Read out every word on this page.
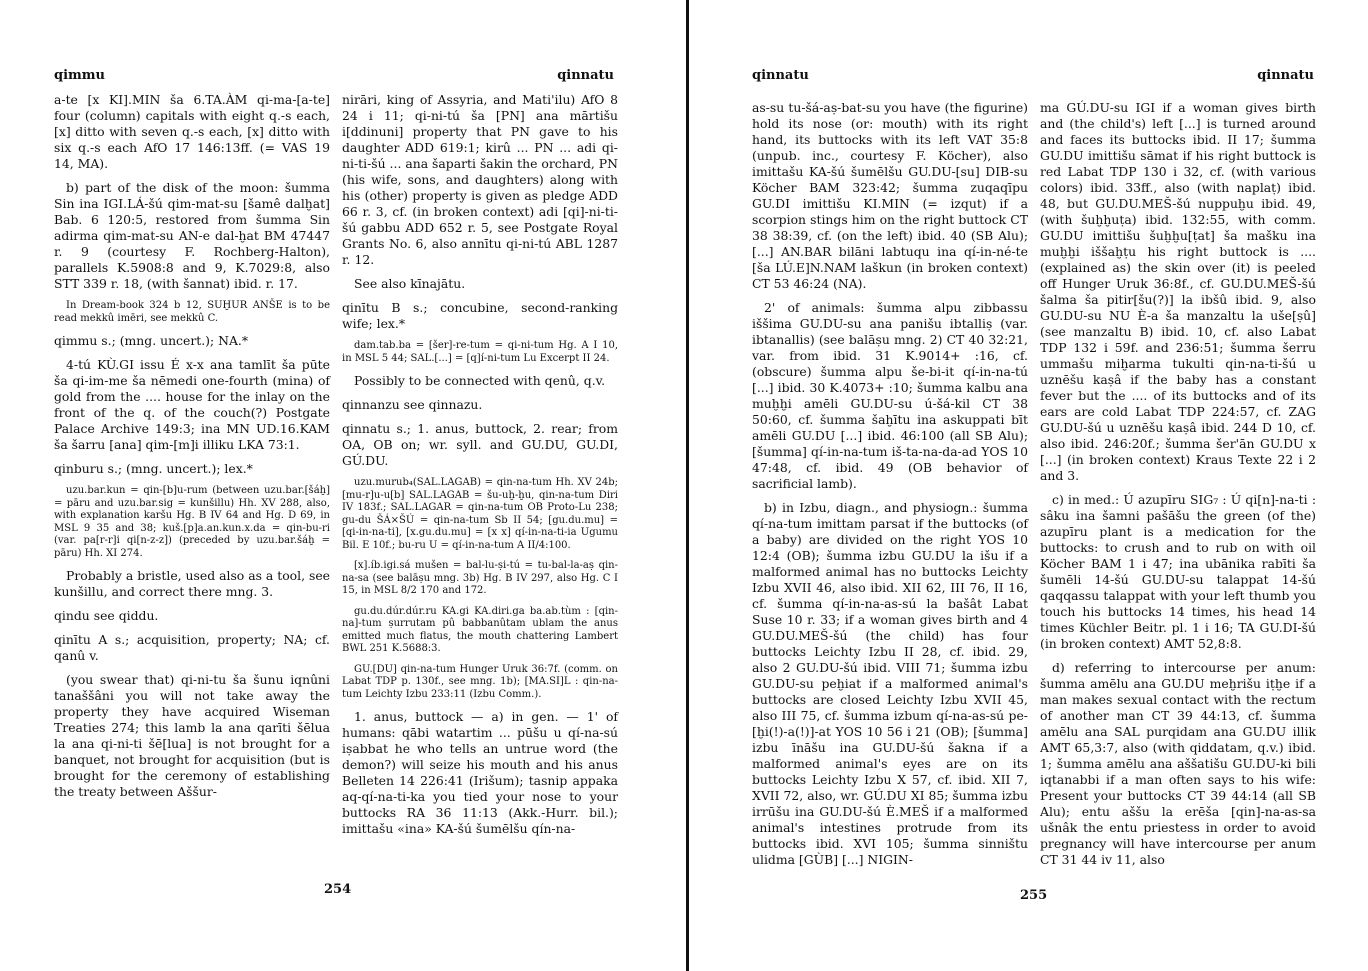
qimmu	qinnatu

a-te [x KI].MIN ša 6.TA.ÀM qi-ma-[a-te] four (column) capitals with eight q.-s each, [x] ditto with seven q.-s each, [x] ditto with six q.-s each AfO 17 146:13ff. (= VAS 19 14, MA).

b) part of the disk of the moon: šumma Sin ina IGI.LÁ-šú qim-mat-su [šamê dalḫat] Bab. 6 120:5, restored from šumma Sin adirma qim-mat-su AN-e dal-ḫat BM 47447 r. 9 (courtesy F. Rochberg-Halton), parallels K.5908:8 and 9, K.7029:8, also STT 339 r. 18, (with šannat) ibid. r. 17.

In Dream-book 324 b 12, SUḪUR ANŠE is to be read mekkû imēri, see mekkû C.

qimmu s.; (mng. uncert.); NA.*

4-tú KÙ.GI issu É x-x ana tamlīt ša pūte ša qi-im-me ša nēmedi one-fourth (mina) of gold from the .... house for the inlay on the front of the q. of the couch(?) Postgate Palace Archive 149:3; ina MN UD.16.KAM ša šarru [ana] qim-[m]i illiku LKA 73:1.

qinburu s.; (mng. uncert.); lex.*

uzu.bar.kun = qin-[b]u-rum (between uzu.bar.[šáḫ] = pāru and uzu.bar.sig = kunšillu) Hh. XV 288, also, with explanation karšu Hg. B IV 64 and Hg. D 69, in MSL 9 35 and 38; kuš.[p]a.an.kun.x.da = qin-bu-ri (var. pa[r-r]i qi[n-z-z]) (preceded by uzu.bar.šáḫ = pāru) Hh. XI 274.

Probably a bristle, used also as a tool, see kunšillu, and correct there mng. 3.

qindu see qiddu.

qinītu A s.; acquisition, property; NA; cf. qanû v.

(you swear that) qi-ni-tu ša šunu iqnûni tanaššâni you will not take away the property they have acquired Wiseman Treaties 274; this lamb la ana qarīti šēlua la ana qi-ni-ti šē[lua] is not brought for a banquet, not brought for acquisition (but is brought for the ceremony of establishing the treaty between Aššur-

nirāri, king of Assyria, and Mati'ilu) AfO 8 24 i 11; qi-ni-tú ša [PN] ana mārtišu i[ddinuni] property that PN gave to his daughter ADD 619:1; kirû ... PN ... adi qi-ni-ti-šú ... ana šaparti šakin the orchard, PN (his wife, sons, and daughters) along with his (other) property is given as pledge ADD 66 r. 3, cf. (in broken context) adi [qi]-ni-ti-šú gabbu ADD 652 r. 5, see Postgate Royal Grants No. 6, also annītu qi-ni-tú ABL 1287 r. 12.

See also kīnajātu.

qinītu B s.; concubine, second-ranking wife; lex.*

dam.tab.ba = [šer]-re-tum = qi-ni-tum Hg. A I 10, in MSL 5 44; SAL.[...] = [q]í-ni-tum Lu Excerpt II 24.

Possibly to be connected with qenû, q.v.

qinnanzu see qinnazu.

qinnatu s.; 1. anus, buttock, 2. rear; from OA, OB on; wr. syll. and GU.DU, GU.DI, GÚ.DU.

uzu.murub₄(SAL.LAGAB) = qin-na-tum Hh. XV 24b; [mu-r]u-u[b] SAL.LAGAB = šu-uḫ-ḫu, qin-na-tum Diri IV 183f.; SAL.LAGAR = qin-na-tum OB Proto-Lu 238; gu-du ŠÁ×ŠÚ = qin-na-tum Sb II 54; [gu.du.mu] = [qi-in-na-ti], [x.gu.du.mu] = [x x] qí-in-na-ti-ia Ugumu Bil. E 10f.; bu-ru U = qí-in-na-tum A II/4:100.

[x].íb.igi.sá mušen = bal-lu-ṣi-tú = tu-bal-la-aṣ qin-na-sa (see balāṣu mng. 3b) Hg. B IV 297, also Hg. C I 15, in MSL 8/2 170 and 172.

gu.du.dúr.dúr.ru KA.gi KA.diri.ga ba.ab.tùm : [qin-na]-tum ṣurrutam pû babbanûtam ublam the anus emitted much flatus, the mouth chattering Lambert BWL 251 K.5688:3.

GU.[DU] qin-na-tum Hunger Uruk 36:7f. (comm. on Labat TDP p. 130f., see mng. 1b); [MA.SI]L : qin-na-tum Leichty Izbu 233:11 (Izbu Comm.).

1. anus, buttock — a) in gen. — 1' of humans: qābi watartim ... pūšu u qí-na-sú iṣabbat he who tells an untrue word (the demon?) will seize his mouth and his anus Belleten 14 226:41 (Irišum); tasnip appaka aq-qí-na-ti-ka you tied your nose to your buttocks RA 36 11:13 (Akk.-Hurr. bil.); imittašu «ina» KA-šú šumēlšu qín-na-

254
qinnatu	qinnatu

as-su tu-šá-aṣ-bat-su you have (the figurine) hold its nose (or: mouth) with its right hand, its buttocks with its left VAT 35:8 (unpub. inc., courtesy F. Köcher), also imittašu KA-šú šumēlšu GU.DU-[su] DIB-su Köcher BAM 323:42; šumma zuqaqīpu GU.DI imittišu KI.MIN (= izqut) if a scorpion stings him on the right buttock CT 38 38:39, cf. (on the left) ibid. 40 (SB Alu); [...] AN.BAR bilāni labtuqu ina qí-in-né-te [ša LÚ.E]N.NAM laškun (in broken context) CT 53 46:24 (NA).

2' of animals: šumma alpu zibbassu iššima GU.DU-su ana panišu ibtalliṣ (var. ibtanallis) (see balāṣu mng. 2) CT 40 32:21, var. from ibid. 31 K.9014+ :16, cf. (obscure) šumma alpu še-bi-it qí-in-na-tú [...] ibid. 30 K.4073+ :10; šumma kalbu ana muḫḫi amēli GU.DU-su ú-šá-kil CT 38 50:60, cf. šumma šaḫītu ina askuppati bīt amēli GU.DU [...] ibid. 46:100 (all SB Alu); [šumma] qí-in-na-tum iš-ta-na-da-ad YOS 10 47:48, cf. ibid. 49 (OB behavior of sacrificial lamb).

b) in Izbu, diagn., and physiogn.: šumma qí-na-tum imittam parsat if the buttocks (of a baby) are divided on the right YOS 10 12:4 (OB); šumma izbu GU.DU la išu if a malformed animal has no buttocks Leichty Izbu XVII 46, also ibid. XII 62, III 76, II 16, cf. šumma qí-in-na-as-sú la bašât Labat Suse 10 r. 33; if a woman gives birth and 4 GU.DU.MEŠ-šú (the child) has four buttocks Leichty Izbu II 28, cf. ibid. 29, also 2 GU.DU-šú ibid. VIII 71; šumma izbu GU.DU-su peḫiat if a malformed animal's buttocks are closed Leichty Izbu XVII 45, also III 75, cf. šumma izbum qí-na-as-sú pe-[ḫi(!)-a(!)]-at YOS 10 56 i 21 (OB); [šumma] izbu īnāšu ina GU.DU-šú šakna if a malformed animal's eyes are on its buttocks Leichty Izbu X 57, cf. ibid. XII 7, XVII 72, also, wr. GÚ.DU XI 85; šumma izbu irrūšu ina GU.DU-šú È.MEŠ if a malformed animal's intestines protrude from its buttocks ibid. XVI 105; šumma sinništu ulidma [GÙB] [...] NIGIN-

ma GÚ.DU-su IGI if a woman gives birth and (the child's) left [...] is turned around and faces its buttocks ibid. II 17; šumma GU.DU imittišu sāmat if his right buttock is red Labat TDP 130 i 32, cf. (with various colors) ibid. 33ff., also (with naplaṭ) ibid. 48, but GU.DU.MEŠ-šú nuppuḫu ibid. 49, (with šuḫḫuṭa) ibid. 132:55, with comm. GU.DU imittišu šuḫḫu[ṭat] ša mašku ina muḫḫi iššaḫṭu his right buttock is .... (explained as) the skin over (it) is peeled off Hunger Uruk 36:8f., cf. GU.DU.MEŠ-šú šalma ša pitir[šu(?)] la ibšû ibid. 9, also GU.DU-su NU È-a ša manzaltu la uše[ṣû] (see manzaltu B) ibid. 10, cf. also Labat TDP 132 i 59f. and 236:51; šumma šerru ummašu miḫarma tukulti qin-na-ti-šú u uznēšu kaṣâ if the baby has a constant fever but the .... of its buttocks and of its ears are cold Labat TDP 224:57, cf. ZAG GU.DU-šú u uznēšu kaṣâ ibid. 244 D 10, cf. also ibid. 246:20f.; šumma šer'ān GU.DU x [...] (in broken context) Kraus Texte 22 i 2 and 3.

c) in med.: Ú azupīru SIG₇ : Ú qi[n]-na-ti : sâku ina šamni pašāšu the green (of the) azupīru plant is a medication for the buttocks: to crush and to rub on with oil Köcher BAM 1 i 47; ina ubānika rabīti ša šumēli 14-šú GU.DU-su talappat 14-šú qaqqassu talappat with your left thumb you touch his buttocks 14 times, his head 14 times Küchler Beitr. pl. 1 i 16; TA GU.DI-šú (in broken context) AMT 52,8:8.

d) referring to intercourse per anum: šumma amēlu ana GU.DU meḫrišu iṭḫe if a man makes sexual contact with the rectum of another man CT 39 44:13, cf. šumma amēlu ana SAL purqidam ana GU.DU illik AMT 65,3:7, also (with qiddatam, q.v.) ibid. 1; šumma amēlu ana aššatišu GU.DU-ki bili iqtanabbi if a man often says to his wife: Present your buttocks CT 39 44:14 (all SB Alu); entu aššu la erēša [qin]-na-as-sa ušnâk the entu priestess in order to avoid pregnancy will have intercourse per anum CT 31 44 iv 11, also

255
